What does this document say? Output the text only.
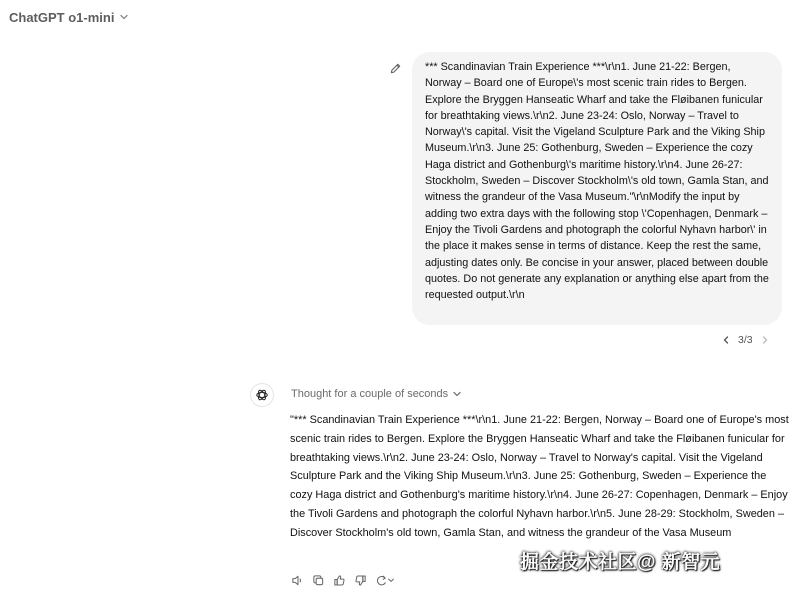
ChatGPT o1-mini
*** Scandinavian Train Experience ***\r\n1. June 21-22: Bergen, Norway – Board one of Europe\'s most scenic train rides to Bergen. Explore the Bryggen Hanseatic Wharf and take the Fløibanen funicular for breathtaking views.\r\n2. June 23-24: Oslo, Norway – Travel to Norway\'s capital. Visit the Vigeland Sculpture Park and the Viking Ship Museum.\r\n3. June 25: Gothenburg, Sweden – Experience the cozy Haga district and Gothenburg\'s maritime history.\r\n4. June 26-27: Stockholm, Sweden – Discover Stockholm\'s old town, Gamla Stan, and witness the grandeur of the Vasa Museum."\r\nModify the input by adding two extra days with the following stop \'Copenhagen, Denmark – Enjoy the Tivoli Gardens and photograph the colorful Nyhavn harbor\' in the place it makes sense in terms of distance. Keep the rest the same, adjusting dates only. Be concise in your answer, placed between double quotes. Do not generate any explanation or anything else apart from the requested output.\r\n
3/3
Thought for a couple of seconds
"*** Scandinavian Train Experience ***\r\n1. June 21-22: Bergen, Norway – Board one of Europe's most scenic train rides to Bergen. Explore the Bryggen Hanseatic Wharf and take the Fløibanen funicular for breathtaking views.\r\n2. June 23-24: Oslo, Norway – Travel to Norway's capital. Visit the Vigeland Sculpture Park and the Viking Ship Museum.\r\n3. June 25: Gothenburg, Sweden – Experience the cozy Haga district and Gothenburg's maritime history.\r\n4. June 26-27: Copenhagen, Denmark – Enjoy the Tivoli Gardens and photograph the colorful Nyhavn harbor.\r\n5. June 28-29: Stockholm, Sweden – Discover Stockholm's old town, Gamla Stan, and witness the grandeur of the Vasa Museum
掘金技术社区@ 新智元
